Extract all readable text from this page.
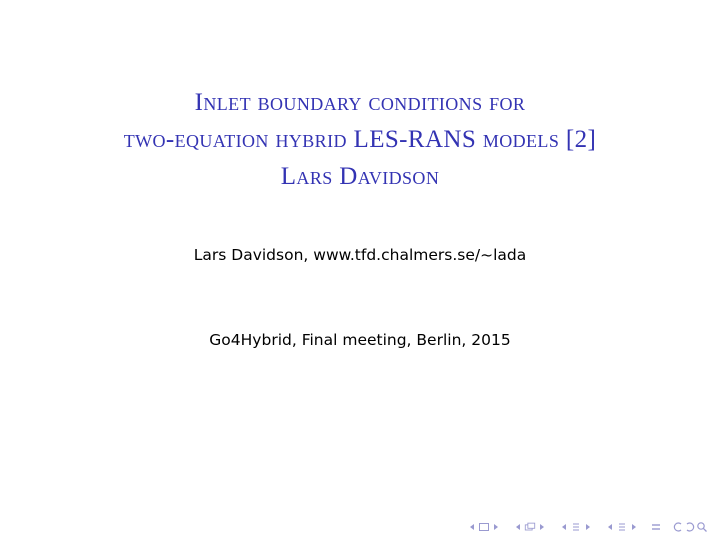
Inlet boundary conditions for
two-equation hybrid LES-RANS models [2]
Lars Davidson
Lars Davidson, www.tfd.chalmers.se/~lada
Go4Hybrid, Final meeting, Berlin, 2015
